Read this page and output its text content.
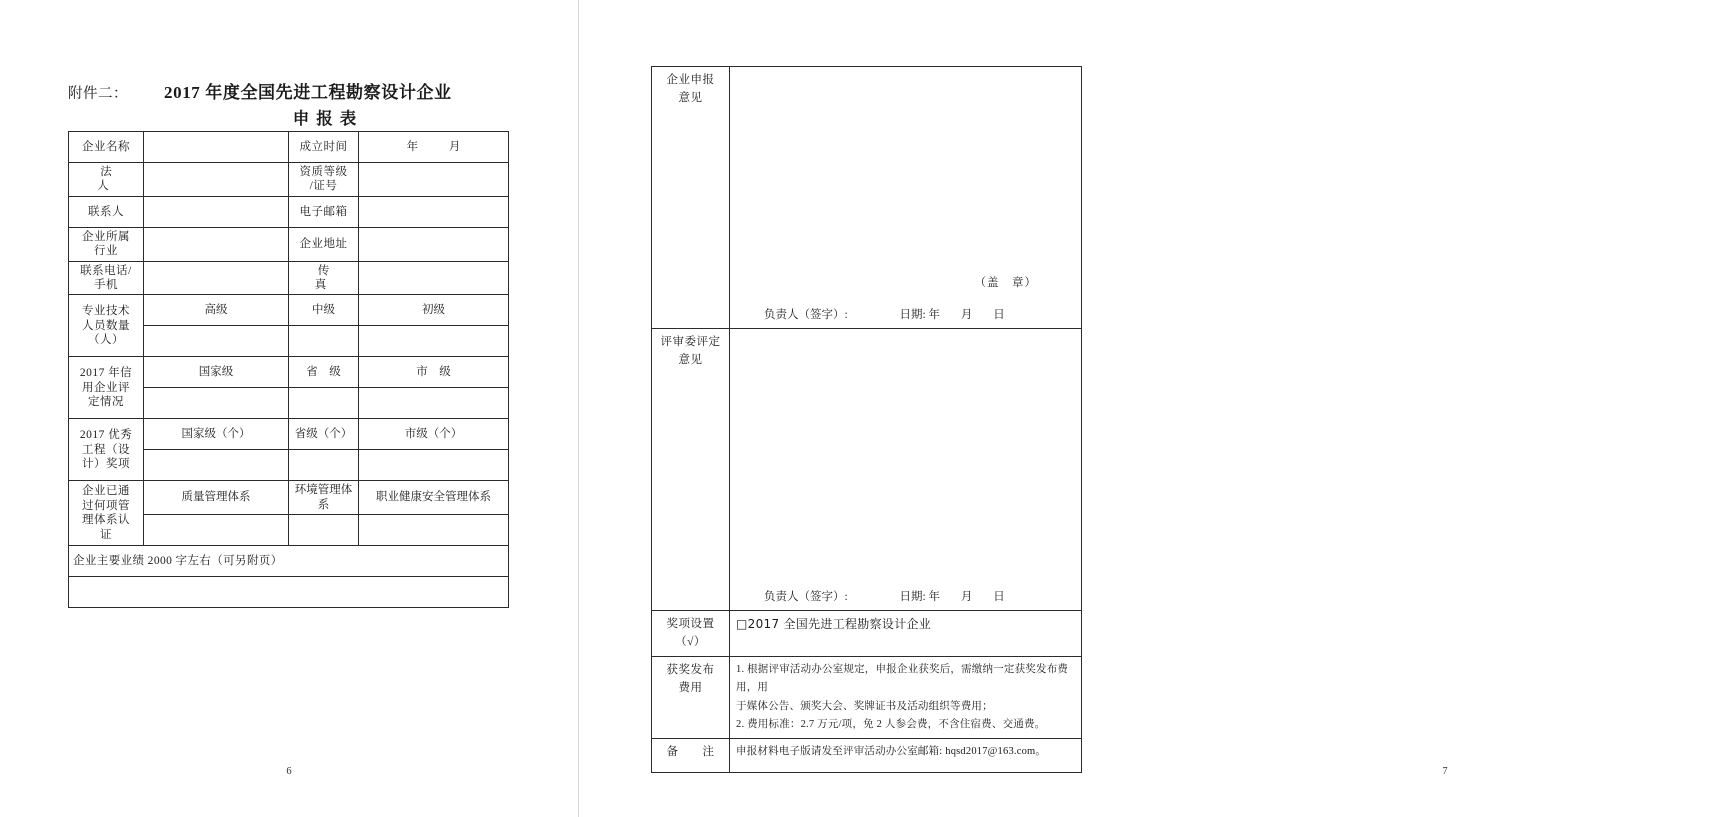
附件二： 2017 年度全国先进工程勘察设计企业
申报表
企业名称		成立时间	年 月

法　　人		资质等级
/证号	

联系人		电子邮箱	

企业所属
行业		企业地址	

联系电话/
手机		传　　真	

专业技术
人员数量
（人）	高级	中级	初级

2017 年信
用企业评
定情况	国家级	省　级	市　级

2017 优秀
工程（设
计）奖项	国家级（个）	省级（个）	市级（个）

企业已通
过何项管
理体系认
证	质量管理体系	环境管理体系	职业健康安全管理体系

企业主要业绩 2000 字左右（可另附页）			

6
企业申报
意见

（盖　章）
负责人（签字）:	日期: 年 月 日

评审委评定
意见	负责人（签字）: 日期: 年 月 日

奖项设置
（√）	□2017 全国先进工程勘察设计企业

获奖发布
费用

1. 根据评审活动办公室规定，申报企业获奖后，需缴纳一定获奖发布费用，用
于媒体公告、颁奖大会、奖牌证书及活动组织等费用；
2. 费用标准：2.7 万元/项，免 2 人参会费，不含住宿费、交通费。

备　　注	申报材料电子版请发至评审活动办公室邮箱: hqsd2017@163.com。
7
